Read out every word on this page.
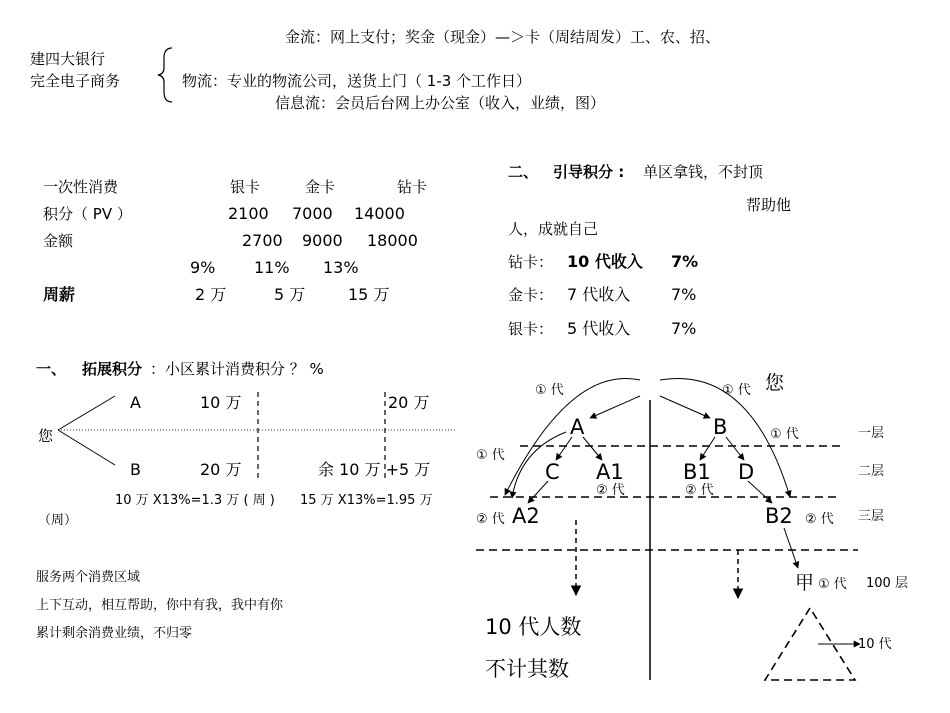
金流：网上支付；奖金（现金）—＞卡（周结周发）工、农、招、
建四大银行
完全电子商务	物流：专业的物流公司，送货上门（ 1-3 个工作日）
信息流：会员后台网上办公室（收入，业绩，图）
一次性消费	银卡	金卡	钻卡
积分（ PV ）	2100 7000 14000
金额	2700 9000 18000
9% 11% 13%
周薪	2 万	5 万	15 万
二、 引导积分 : 单区拿钱，不封顶
帮助他
人，成就自己
钻卡： 10 代收入 7%
金卡： 7 代收入	7%
银卡： 5 代收入	7%
一、 拓展积分 ：小区累计消费积分 ？ %
您
A	10 万	20 万
B	20 万	余 10 万 +5 万
10 万 X13%=1.3 万 ( 周 ) 15 万 X13%=1.95 万
（周）
服务两个消费区域
上下互动，相互帮助，你中有我，我中有你
累计剩余消费业绩，不归零
您
① 代	① 代
① 代
① 代
② 代	② 代
② 代	② 代
A	B
C A1	B1 D
A2	B2
甲 ① 代
一层
二层
三层
100 层
10 代
10 代人数
不计其数
